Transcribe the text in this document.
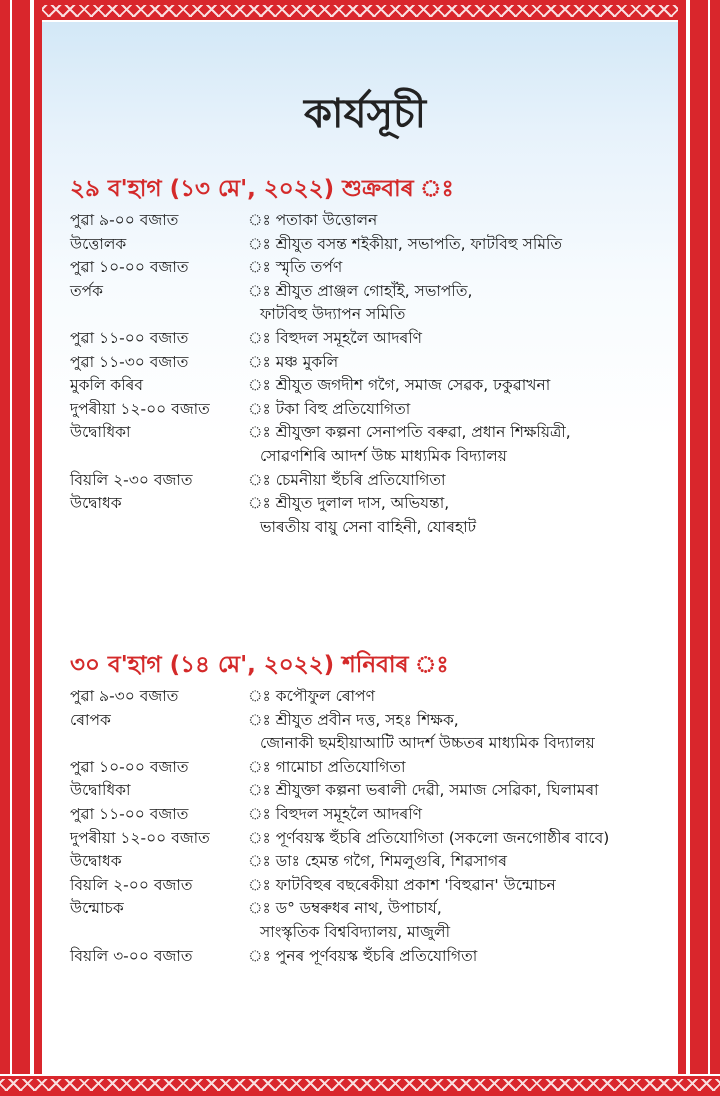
কাৰ্যসূচী
২৯ ব'হাগ (১৩ মে', ২০২২) শুক্ৰবাৰ ঃ
পুৱা ৯-০০ বজাত	ঃ পতাকা উত্তোলন
উত্তোলক	ঃ শ্ৰীযুত বসন্ত শইকীয়া, সভাপতি, ফাটবিহু সমিতি
পুৱা ১০-০০ বজাত	ঃ স্মৃতি তৰ্পণ
তৰ্পক	ঃ শ্ৰীযুত প্ৰাঞ্জল গোহাঁই, সভাপতি,
ফাটবিহু উদ্যাপন সমিতি
পুৱা ১১-০০ বজাত	ঃ বিহুদল সমূহলৈ আদৰণি
পুৱা ১১-৩০ বজাত	ঃ মঞ্চ মুকলি
মুকলি কৰিব	ঃ শ্ৰীযুত জগদীশ গগৈ, সমাজ সেৱক, ঢকুৱাখনা
দুপৰীয়া ১২-০০ বজাত ঃ টকা বিহু প্ৰতিযোগিতা
উদ্বোধিকা	ঃ শ্ৰীযুক্তা কল্পনা সেনাপতি বৰুৱা, প্ৰধান শিক্ষয়িত্ৰী,
সোৱণশিৰি আদৰ্শ উচ্চ মাধ্যমিক বিদ্যালয়
বিয়লি ২-৩০ বজাত	ঃ চেমনীয়া হুঁচৰি প্ৰতিযোগিতা
উদ্বোধক	ঃ শ্ৰীযুত দুলাল দাস, অভিযন্তা,
ভাৰতীয় বায়ু সেনা বাহিনী, যোৰহাট
৩০ ব'হাগ (১৪ মে', ২০২২) শনিবাৰ ঃ
পুৱা ৯-৩০ বজাত	ঃ কপৌফুল ৰোপণ
ৰোপক	ঃ শ্ৰীযুত প্ৰবীন দত্ত, সহঃ শিক্ষক,
জোনাকী ছমহীয়াআটি আদৰ্শ উচ্চতৰ মাধ্যমিক বিদ্যালয়
পুৱা ১০-০০ বজাত	ঃ গামোচা প্ৰতিযোগিতা
উদ্বোধিকা	ঃ শ্ৰীযুক্তা কল্পনা ভৰালী দেৱী, সমাজ সেৱিকা, ঘিলামৰা
পুৱা ১১-০০ বজাত	ঃ বিহুদল সমূহলৈ আদৰণি
দুপৰীয়া ১২-০০ বজাত ঃ পূৰ্ণবয়স্ক হুঁচৰি প্ৰতিযোগিতা (সকলো জনগোষ্ঠীৰ বাবে)
উদ্বোধক	ঃ ডাঃ হেমন্ত গগৈ, শিমলুগুৰি, শিৱসাগৰ
বিয়লি ২-০০ বজাত	ঃ ফাটবিহুৰ বছৰেকীয়া প্ৰকাশ 'বিহুৱান' উন্মোচন
উন্মোচক	ঃ ড° ডম্বৰুধৰ নাথ, উপাচাৰ্য,
সাংস্কৃতিক বিশ্ববিদ্যালয়, মাজুলী
বিয়লি ৩-০০ বজাত	ঃ পুনৰ পূৰ্ণবয়স্ক হুঁচৰি প্ৰতিযোগিতা
